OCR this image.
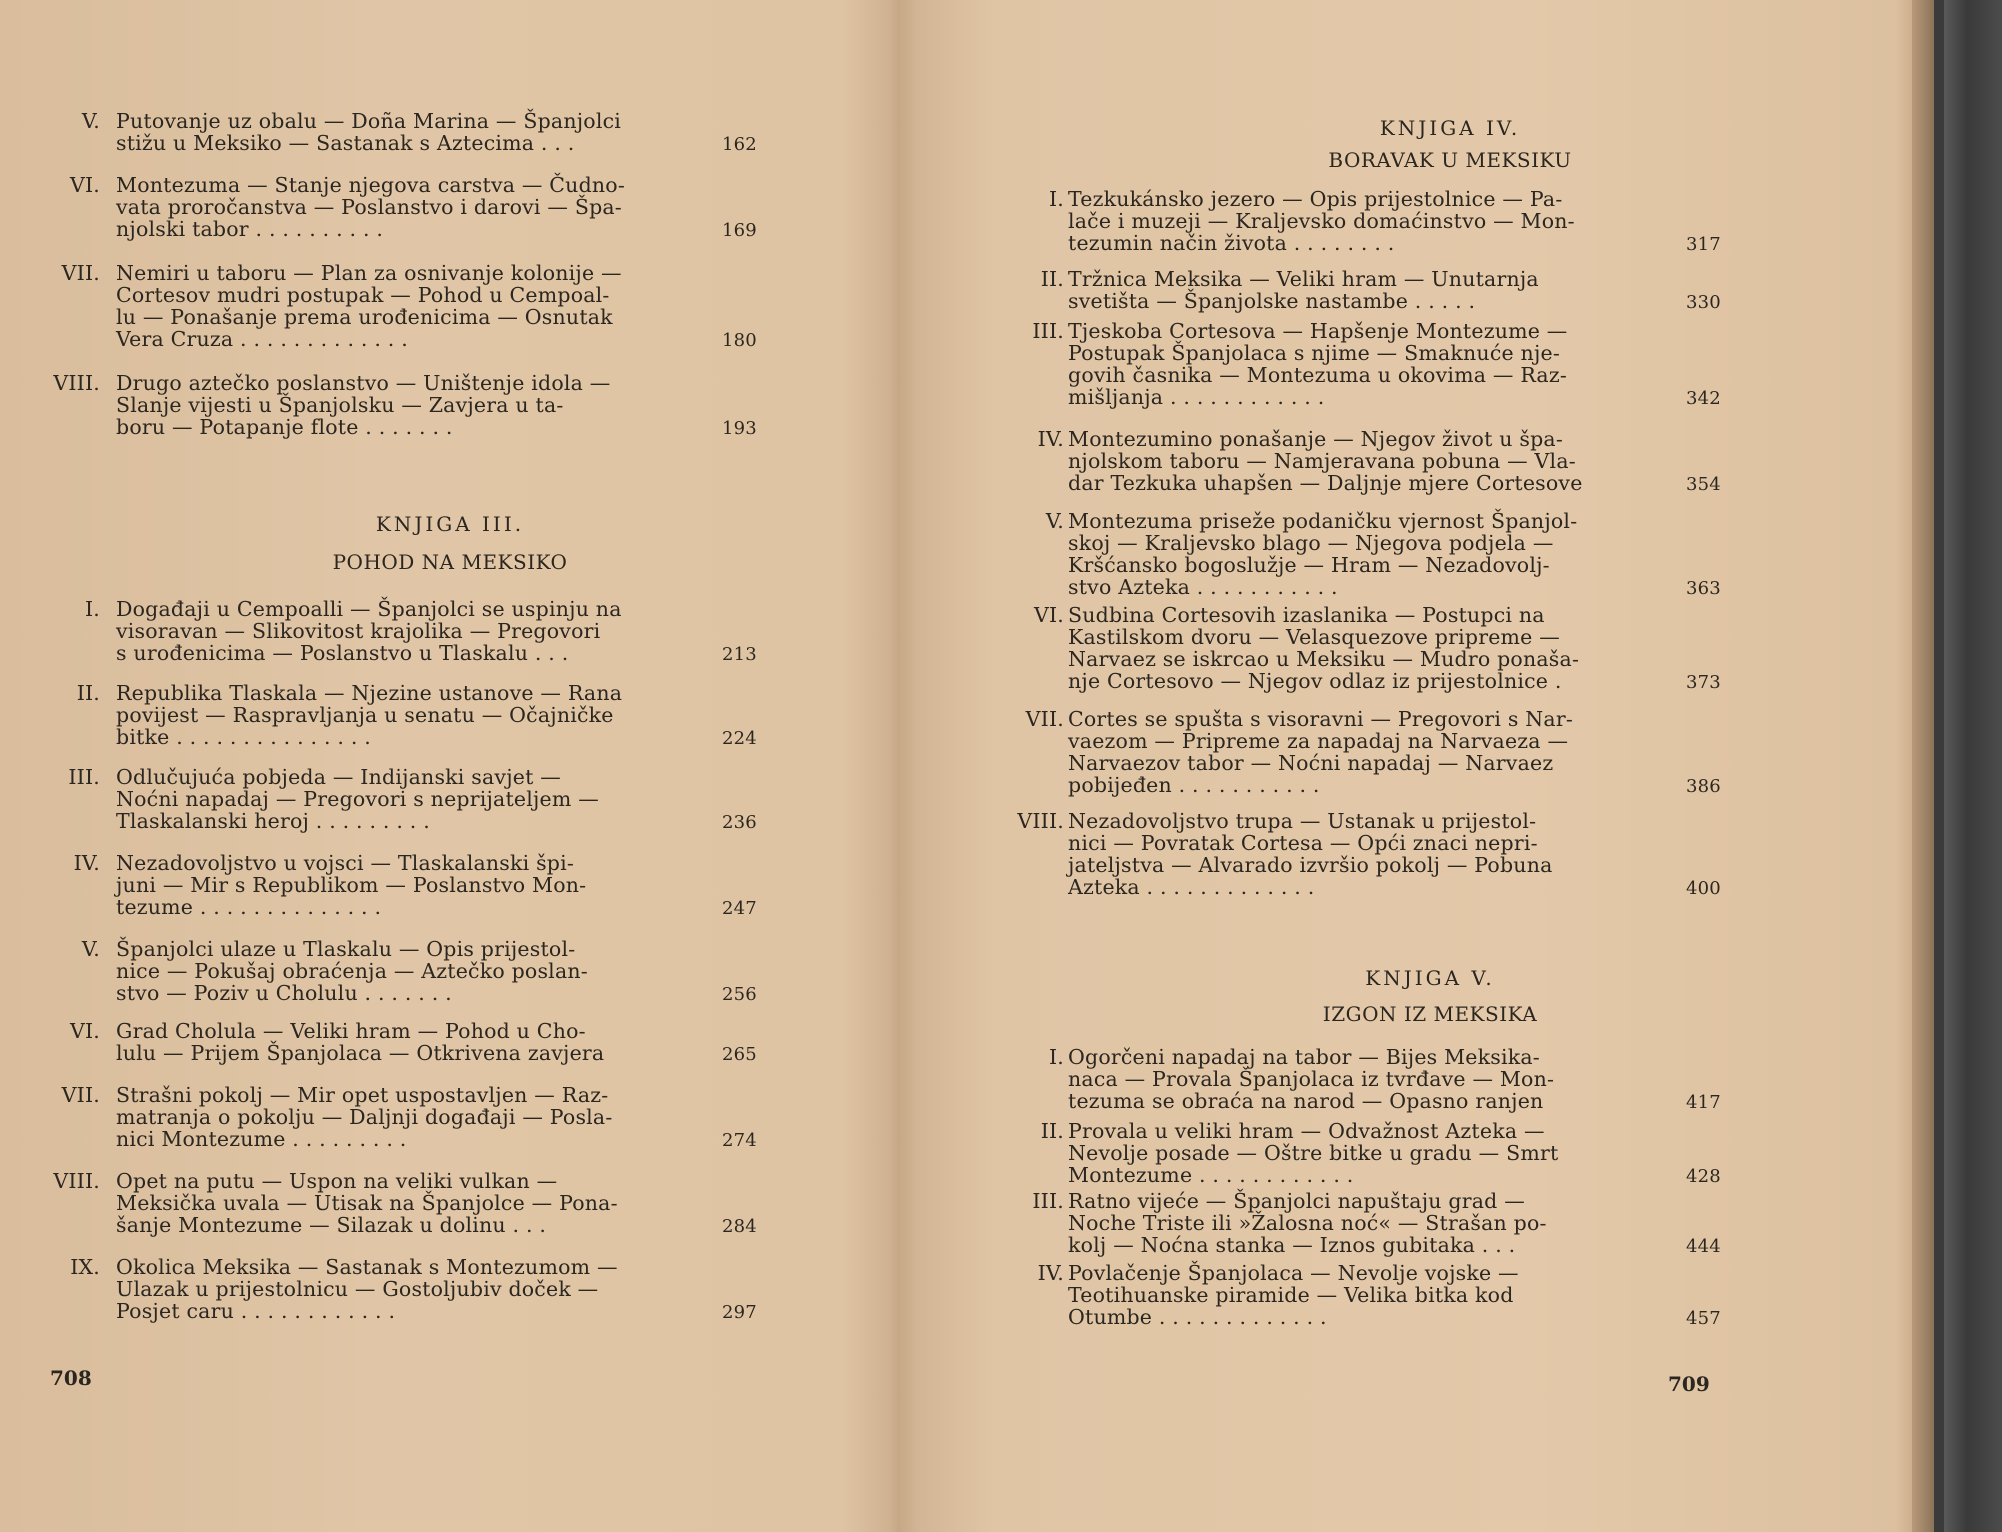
KNJIGA III.
POHOD NA MEKSIKO
708
V. Putovanje uz obalu — Doña Marina — Španjolci
stižu u Meksiko — Sastanak s Aztecima . . .	162
VI. Montezuma — Stanje njegova carstva — Čudno-
vata proročanstva — Poslanstvo i darovi — Špa-
njolski tabor . . . . . . . . . .	169
VII. Nemiri u taboru — Plan za osnivanje kolonije —
Cortesov mudri postupak — Pohod u Cempoal-
lu — Ponašanje prema urođenicima — Osnutak
Vera Cruza . . . . . . . . . . . . .	180
VIII. Drugo aztečko poslanstvo — Uništenje idola —
Slanje vijesti u Španjolsku — Zavjera u ta-
boru — Potapanje flote . . . . . . .	193
I. Događaji u Cempoalli — Španjolci se uspinju na
visoravan — Slikovitost krajolika — Pregovori
s urođenicima — Poslanstvo u Tlaskalu . . .	213
II. Republika Tlaskala — Njezine ustanove — Rana
povijest — Raspravljanja u senatu — Očajničke
bitke . . . . . . . . . . . . . . .	224
III. Odlučujuća pobjeda — Indijanski savjet —
Noćni napadaj — Pregovori s neprijateljem —
Tlaskalanski heroj . . . . . . . . .	236
IV. Nezadovoljstvo u vojsci — Tlaskalanski špi-
juni — Mir s Republikom — Poslanstvo Mon-
tezume . . . . . . . . . . . . . .	247
V. Španjolci ulaze u Tlaskalu — Opis prijestol-
nice — Pokušaj obraćenja — Aztečko poslan-
stvo — Poziv u Cholulu . . . . . . .	256
VI. Grad Cholula — Veliki hram — Pohod u Cho-
lulu — Prijem Španjolaca — Otkrivena zavjera	265
VII. Strašni pokolj — Mir opet uspostavljen — Raz-
matranja o pokolju — Daljnji događaji — Posla-
nici Montezume . . . . . . . . .	274
VIII. Opet na putu — Uspon na veliki vulkan —
Meksička uvala — Utisak na Španjolce — Pona-
šanje Montezume — Silazak u dolinu . . .	284
IX. Okolica Meksika — Sastanak s Montezumom —
Ulazak u prijestolnicu — Gostoljubiv doček —
Posjet caru . . . . . . . . . . . .	297
KNJIGA IV.
BORAVAK U MEKSIKU
KNJIGA V.
IZGON IZ MEKSIKA
709
I. Tezkukánsko jezero — Opis prijestolnice — Pa-
lače i muzeji — Kraljevsko domaćinstvo — Mon-
tezumin način života . . . . . . . .	317
II. Tržnica Meksika — Veliki hram — Unutarnja
svetišta — Španjolske nastambe . . . . .	330
III. Tjeskoba Cortesova — Hapšenje Montezume —
Postupak Španjolaca s njime — Smaknuće nje-
govih časnika — Montezuma u okovima — Raz-
mišljanja . . . . . . . . . . . .	342
IV. Montezumino ponašanje — Njegov život u špa-
njolskom taboru — Namjeravana pobuna — Vla-
dar Tezkuka uhapšen — Daljnje mjere Cortesove	354
V. Montezuma priseže podaničku vjernost Španjol-
skoj — Kraljevsko blago — Njegova podjela —
Kršćansko bogoslužje — Hram — Nezadovolj-
stvo Azteka . . . . . . . . . . .	363
VI. Sudbina Cortesovih izaslanika — Postupci na
Kastilskom dvoru — Velasquezove pripreme —
Narvaez se iskrcao u Meksiku — Mudro ponaša-
nje Cortesovo — Njegov odlaz iz prijestolnice .	373
VII. Cortes se spušta s visoravni — Pregovori s Nar-
vaezom — Pripreme za napadaj na Narvaeza —
Narvaezov tabor — Noćni napadaj — Narvaez
pobijeđen . . . . . . . . . . .	386
VIII. Nezadovoljstvo trupa — Ustanak u prijestol-
nici — Povratak Cortesa — Opći znaci nepri-
jateljstva — Alvarado izvršio pokolj — Pobuna
Azteka . . . . . . . . . . . . .	400
I. Ogorčeni napadaj na tabor — Bijes Meksika-
naca — Provala Španjolaca iz tvrđave — Mon-
tezuma se obraća na narod — Opasno ranjen	417
II. Provala u veliki hram — Odvažnost Azteka —
Nevolje posade — Oštre bitke u gradu — Smrt
Montezume . . . . . . . . . . . .	428
III. Ratno vijeće — Španjolci napuštaju grad —
Noche Triste ili »Žalosna noć« — Strašan po-
kolj — Noćna stanka — Iznos gubitaka . . .	444
IV. Povlačenje Španjolaca — Nevolje vojske —
Teotihuanske piramide — Velika bitka kod
Otumbe . . . . . . . . . . . . .	457
